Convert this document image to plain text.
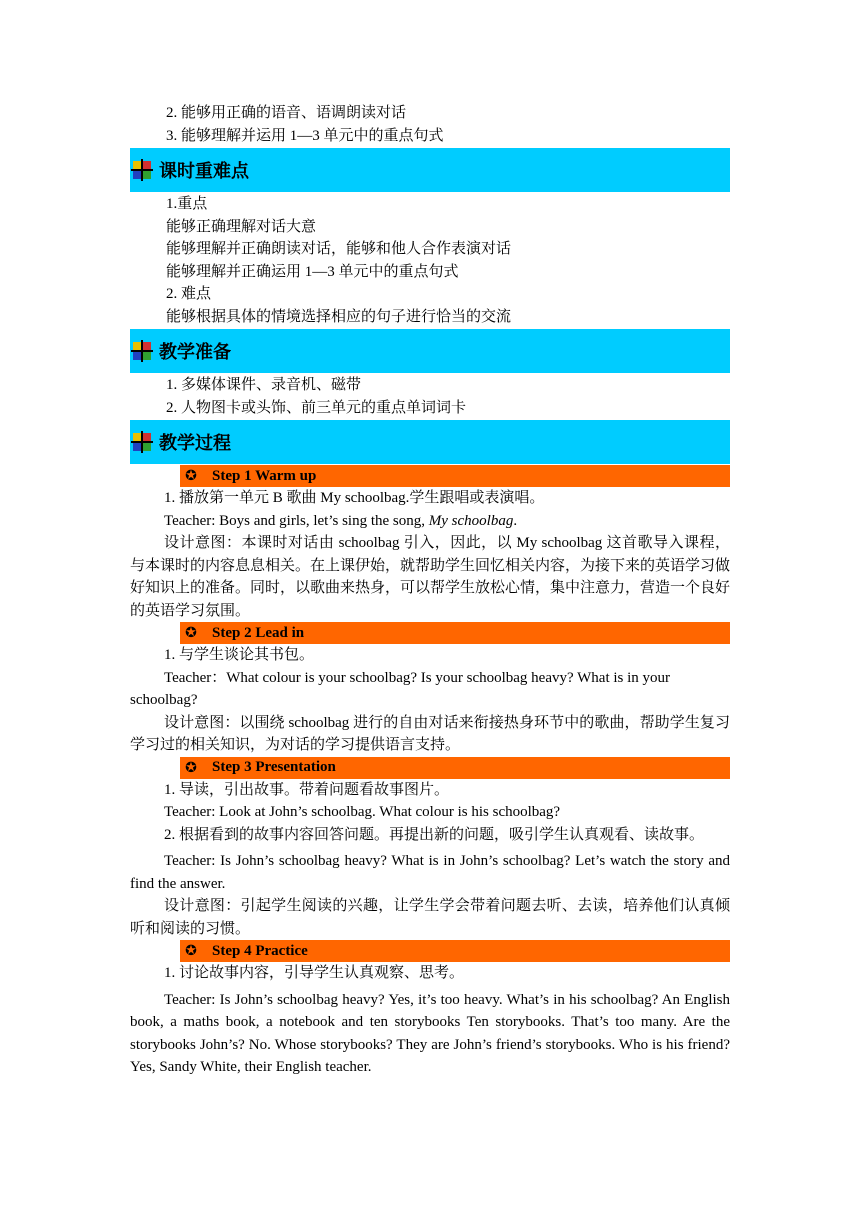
2. 能够用正确的语音、语调朗读对话
3. 能够理解并运用 1—3 单元中的重点句式
课时重难点
1.重点
能够正确理解对话大意
能够理解并正确朗读对话，能够和他人合作表演对话
能够理解并正确运用 1—3 单元中的重点句式
2. 难点
能够根据具体的情境选择相应的句子进行恰当的交流
教学准备
1. 多媒体课件、录音机、磁带
2. 人物图卡或头饰、前三单元的重点单词词卡
教学过程
✪ Step 1 Warm up
1. 播放第一单元 B 歌曲 My schoolbag.学生跟唱或表演唱。
Teacher: Boys and girls, let’s sing the song, My schoolbag.
设计意图：本课时对话由 schoolbag 引入，因此，以 My schoolbag 这首歌导入课程，与本课时的内容息息相关。在上课伊始，就帮助学生回忆相关内容，为接下来的英语学习做好知识上的准备。同时，以歌曲来热身，可以帮学生放松心情，集中注意力，营造一个良好的英语学习氛围。
✪ Step 2 Lead in
1. 与学生谈论其书包。
Teacher：What colour is your schoolbag? Is your schoolbag heavy? What is in your schoolbag?
设计意图：以围绕 schoolbag 进行的自由对话来衔接热身环节中的歌曲，帮助学生复习学习过的相关知识，为对话的学习提供语言支持。
✪ Step 3 Presentation
1. 导读，引出故事。带着问题看故事图片。
Teacher: Look at John’s schoolbag. What colour is his schoolbag?
2. 根据看到的故事内容回答问题。再提出新的问题，吸引学生认真观看、读故事。
Teacher: Is John’s schoolbag heavy? What is in John’s schoolbag? Let’s watch the story and find the answer.
设计意图：引起学生阅读的兴趣，让学生学会带着问题去听、去读，培养他们认真倾听和阅读的习惯。
✪ Step 4 Practice
1. 讨论故事内容，引导学生认真观察、思考。
Teacher: Is John’s schoolbag heavy? Yes, it’s too heavy. What’s in his schoolbag? An English book, a maths book, a notebook and ten storybooks Ten storybooks. That’s too many. Are the storybooks John’s? No. Whose storybooks? They are John’s friend’s storybooks. Who is his friend? Yes, Sandy White, their English teacher.
